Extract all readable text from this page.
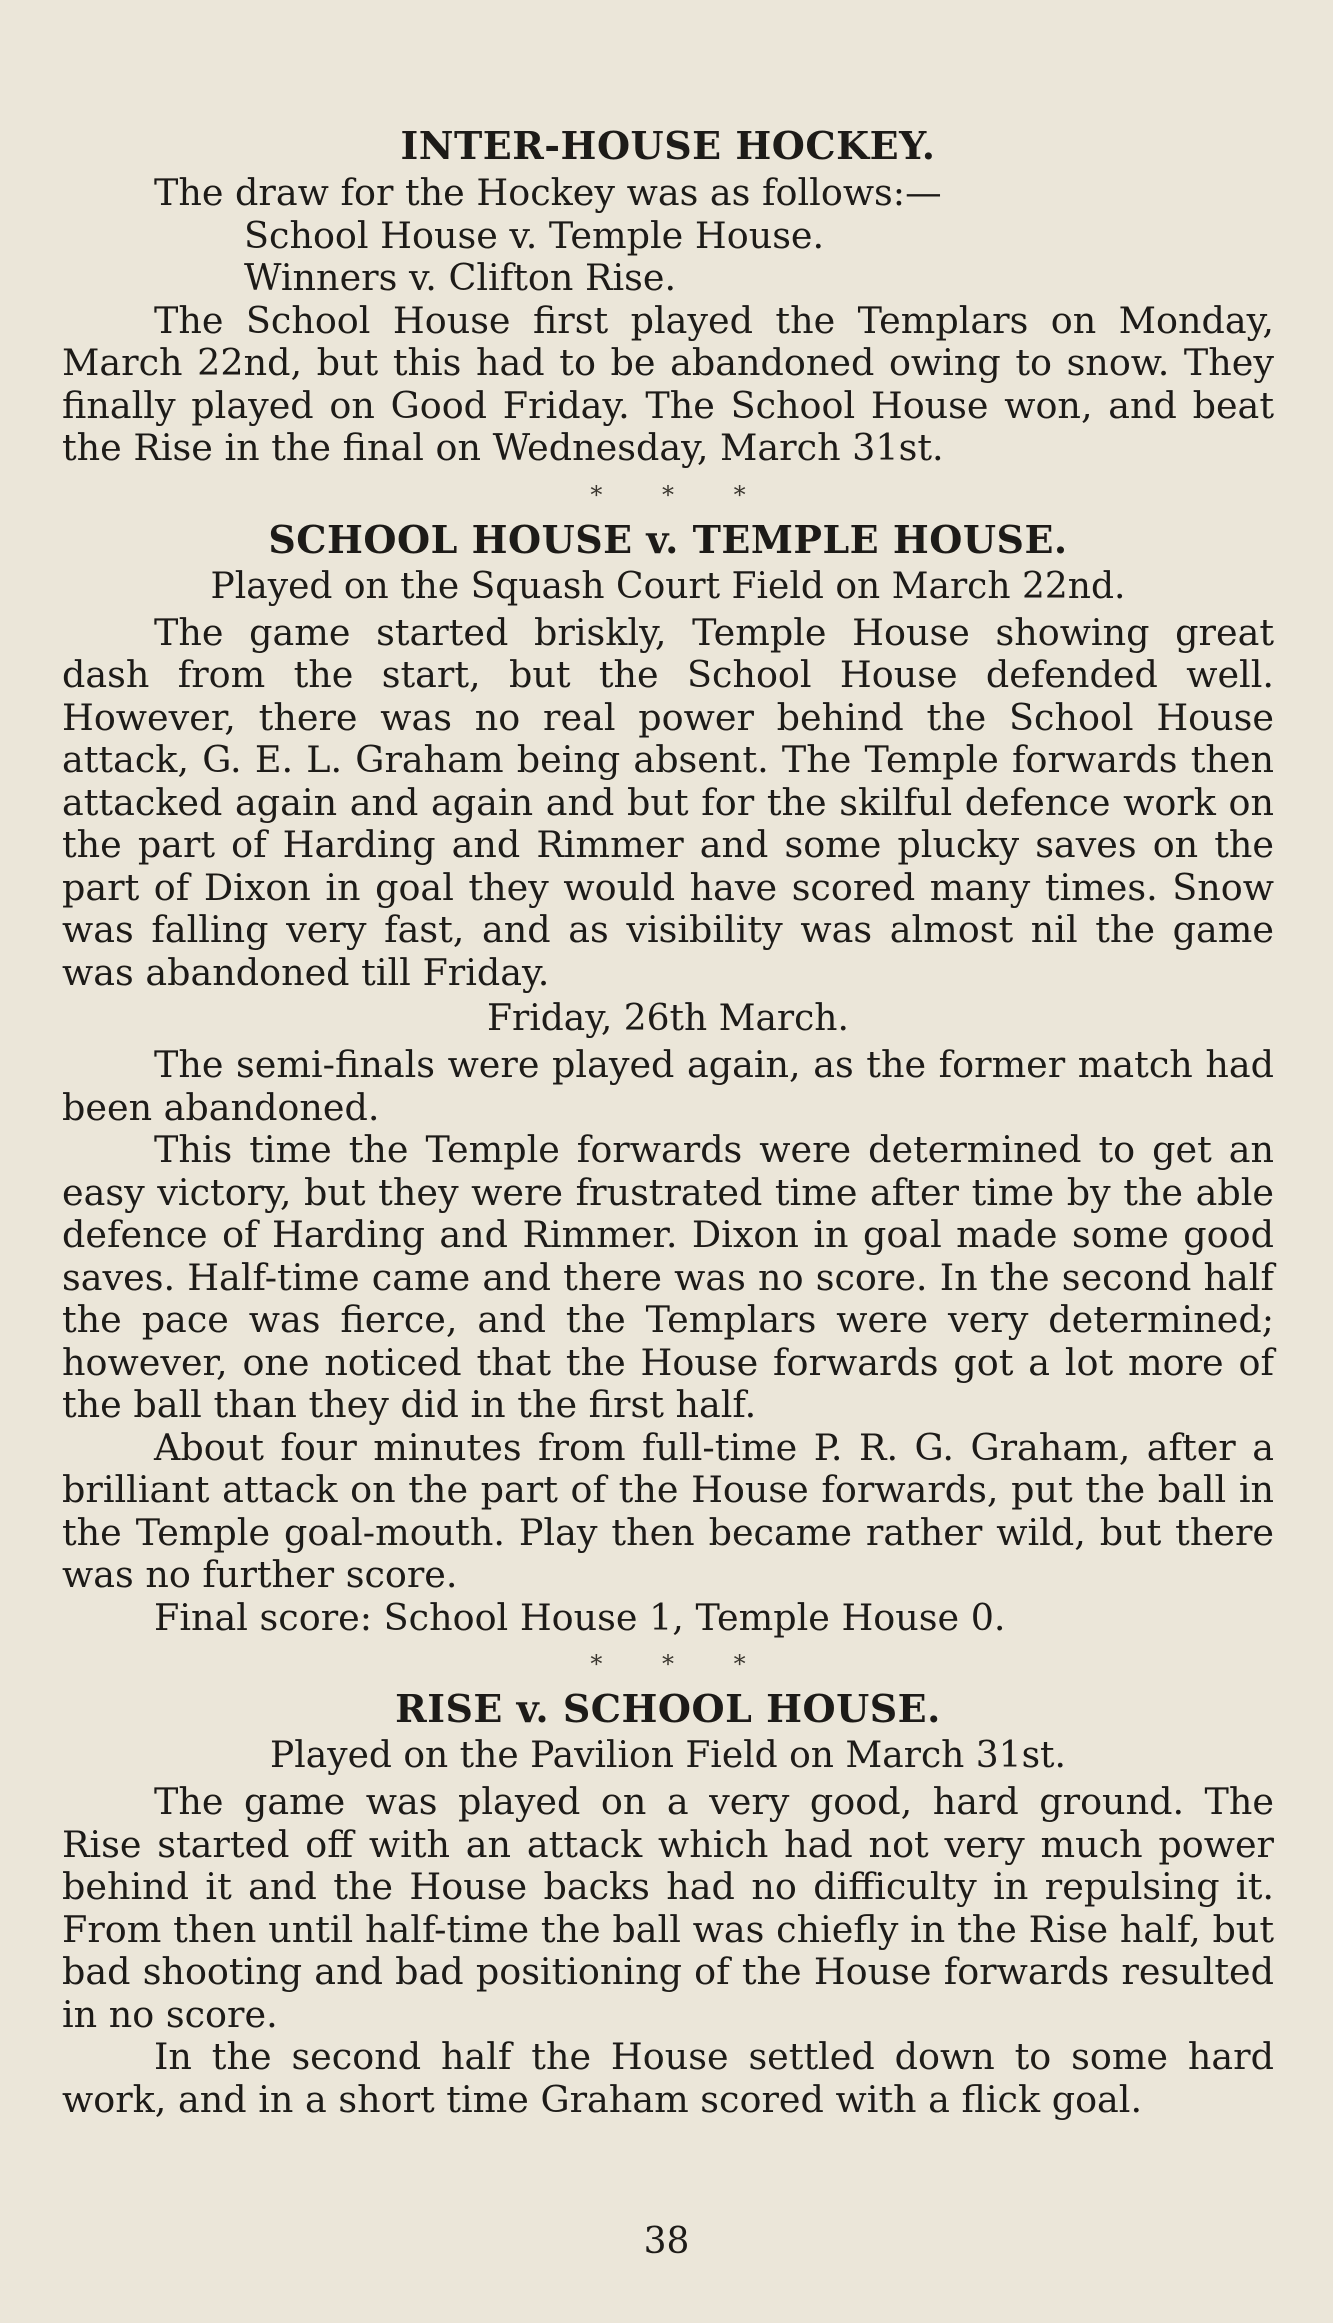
INTER-HOUSE HOCKEY.

The draw for the Hockey was as follows:—

School House v. Temple House.
Winners v. Clifton Rise.

The School House first played the Templars on Monday, March 22nd, but this had to be abandoned owing to snow. They finally played on Good Friday. The School House won, and beat the Rise in the final on Wednesday, March 31st.

* * *
SCHOOL HOUSE v. TEMPLE HOUSE.
Played on the Squash Court Field on March 22nd.

The game started briskly, Temple House showing great dash from the start, but the School House defended well. However, there was no real power behind the School House attack, G. E. L. Graham being absent. The Temple forwards then attacked again and again and but for the skilful defence work on the part of Harding and Rimmer and some plucky saves on the part of Dixon in goal they would have scored many times. Snow was falling very fast, and as visibility was almost nil the game was abandoned till Friday.

Friday, 26th March.

The semi-finals were played again, as the former match had been abandoned.

This time the Temple forwards were determined to get an easy victory, but they were frustrated time after time by the able defence of Harding and Rimmer. Dixon in goal made some good saves. Half-time came and there was no score. In the second half the pace was fierce, and the Templars were very determined; however, one noticed that the House forwards got a lot more of the ball than they did in the first half.

About four minutes from full-time P. R. G. Graham, after a brilliant attack on the part of the House forwards, put the ball in the Temple goal-mouth. Play then became rather wild, but there was no further score.

Final score: School House 1, Temple House 0.

* * *
RISE v. SCHOOL HOUSE.
Played on the Pavilion Field on March 31st.

The game was played on a very good, hard ground. The Rise started off with an attack which had not very much power behind it and the House backs had no difficulty in repulsing it. From then until half-time the ball was chiefly in the Rise half, but bad shooting and bad positioning of the House forwards resulted in no score.

In the second half the House settled down to some hard work, and in a short time Graham scored with a flick goal.

38
